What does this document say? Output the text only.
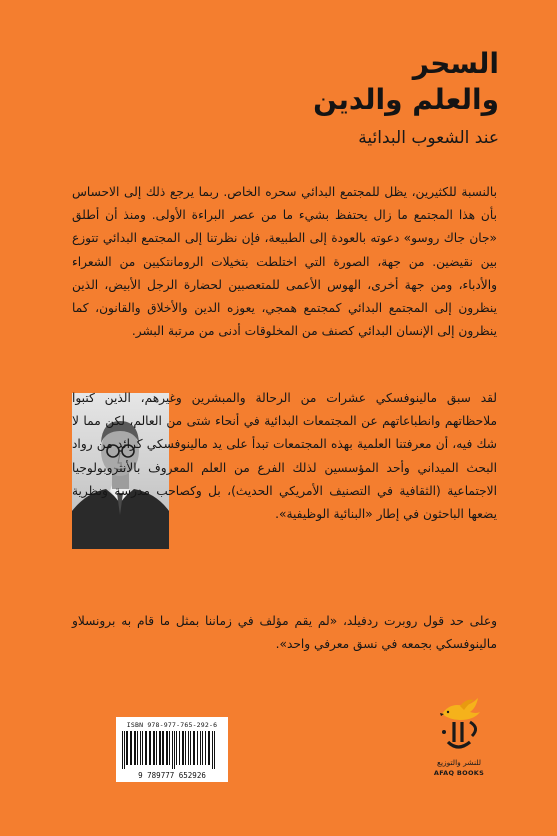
السحر
والعلم والدين
عند الشعوب البدائية
بالنسبة للكثيرين، يظل للمجتمع البدائي سحره الخاص. ربما يرجع ذلك إلى الاحساس بأن هذا المجتمع ما زال يحتفظ بشيء ما من عصر البراءة الأولى. ومنذ أن أطلق «جان جاك روسو» دعوته بالعودة إلى الطبيعة، فإن نظرتنا إلى المجتمع البدائي تتوزع بين نقيضين. من جهة، الصورة التي اختلطت بتخيلات الرومانتكيين من الشعراء والأدباء، ومن جهة أخرى، الهوس الأعمى للمتعصبين لحضارة الرجل الأبيض، الذين ينظرون إلى المجتمع البدائي كمجتمع همجي، يعوزه الدين والأخلاق والقانون، كما ينظرون إلى الإنسان البدائي كصنف من المخلوقات أدنى من مرتبة البشر.
لقد سبق مالينوفسكي عشرات من الرحالة والمبشرين وغيرهم، الذين كتبوا ملاحظاتهم وانطباعاتهم عن المجتمعات البدائية في أنحاء شتى من العالم، لكن مما لا شك فيه، أن معرفتنا العلمية بهذه المجتمعات تبدأ على يد مالينوفسكي كرائد من رواد البحث الميداني وأحد المؤسسين لذلك الفرع من العلم المعروف بالأنثروبولوجيا الاجتماعية (الثقافية في التصنيف الأمريكي الحديث)، بل وكصاحب مدرسة ونظرية يضعها الباحثون في إطار «البنائية الوظيفية».
وعلى حد قول روبرت ردفيلد، «لم يقم مؤلف في زماننا بمثل ما قام به برونسلاو مالينوفسكي بجمعه في نسق معرفي واحد».
ISBN 978-977-765-292-6
9 789777 652926
للنشر والتوزيع
AFAQ BOOKS
